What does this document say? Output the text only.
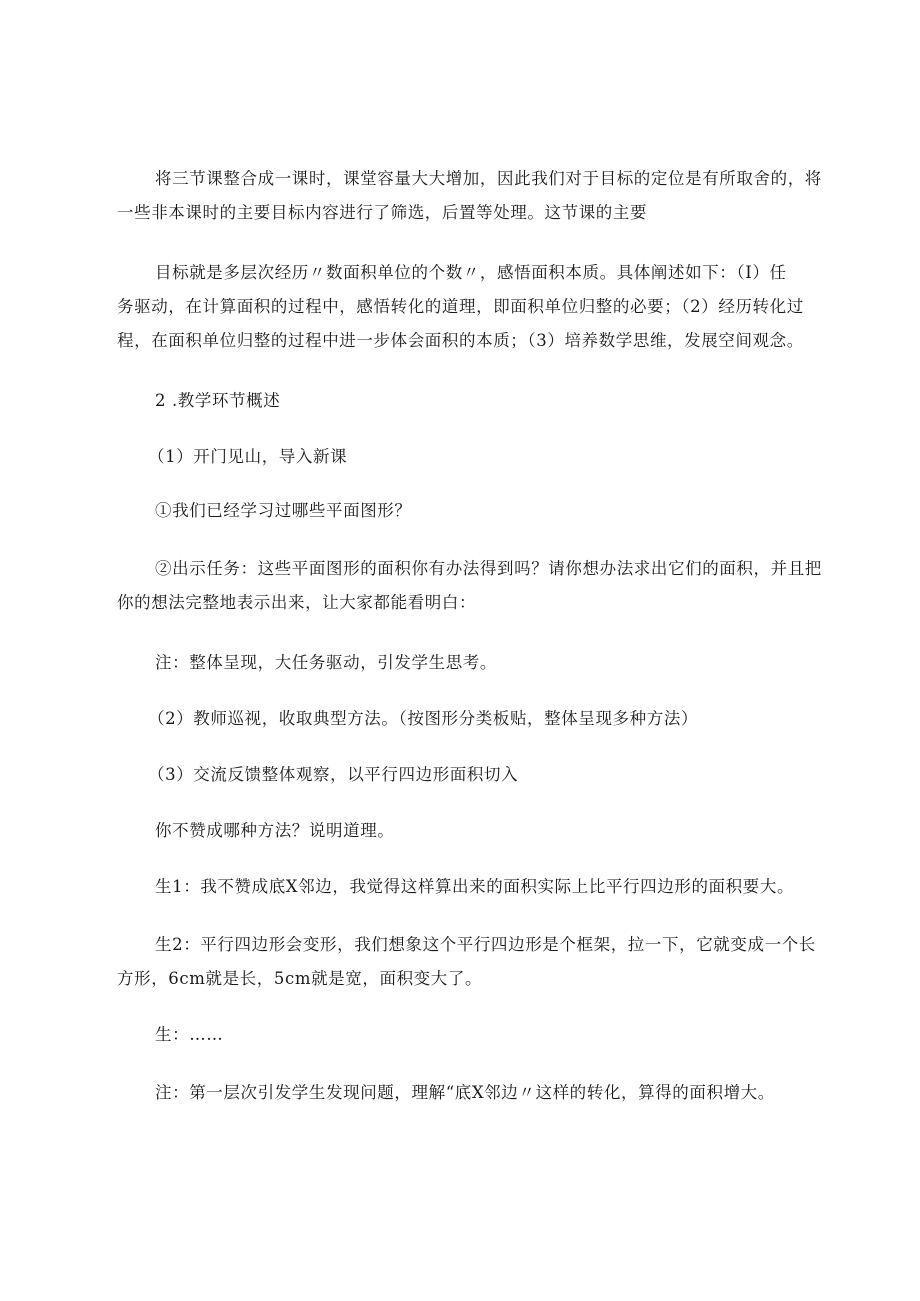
将三节课整合成一课时，课堂容量大大增加，因此我们对于目标的定位是有所取舍的，将
一些非本课时的主要目标内容进行了筛选，后置等处理。这节课的主要
目标就是多层次经历〃数面积单位的个数〃，感悟面积本质。具体阐述如下：（I）任
务驱动，在计算面积的过程中，感悟转化的道理，即面积单位归整的必要；（2）经历转化过
程，在面积单位归整的过程中进一步体会面积的本质；（3）培养数学思维，发展空间观念。
2 .教学环节概述
（1）开门见山，导入新课
①我们已经学习过哪些平面图形？
②出示任务：这些平面图形的面积你有办法得到吗？请你想办法求出它们的面积，并且把
你的想法完整地表示出来，让大家都能看明白：
注：整体呈现，大任务驱动，引发学生思考。
（2）教师巡视，收取典型方法。（按图形分类板贴，整体呈现多种方法）
（3）交流反馈整体观察，以平行四边形面积切入
你不赞成哪种方法？说明道理。
生1：我不赞成底X邻边，我觉得这样算出来的面积实际上比平行四边形的面积要大。
生2：平行四边形会变形，我们想象这个平行四边形是个框架，拉一下，它就变成一个长
方形，6cm就是长，5cm就是宽，面积变大了。
生：……
注：第一层次引发学生发现问题，理解“底X邻边〃这样的转化，算得的面积增大。
